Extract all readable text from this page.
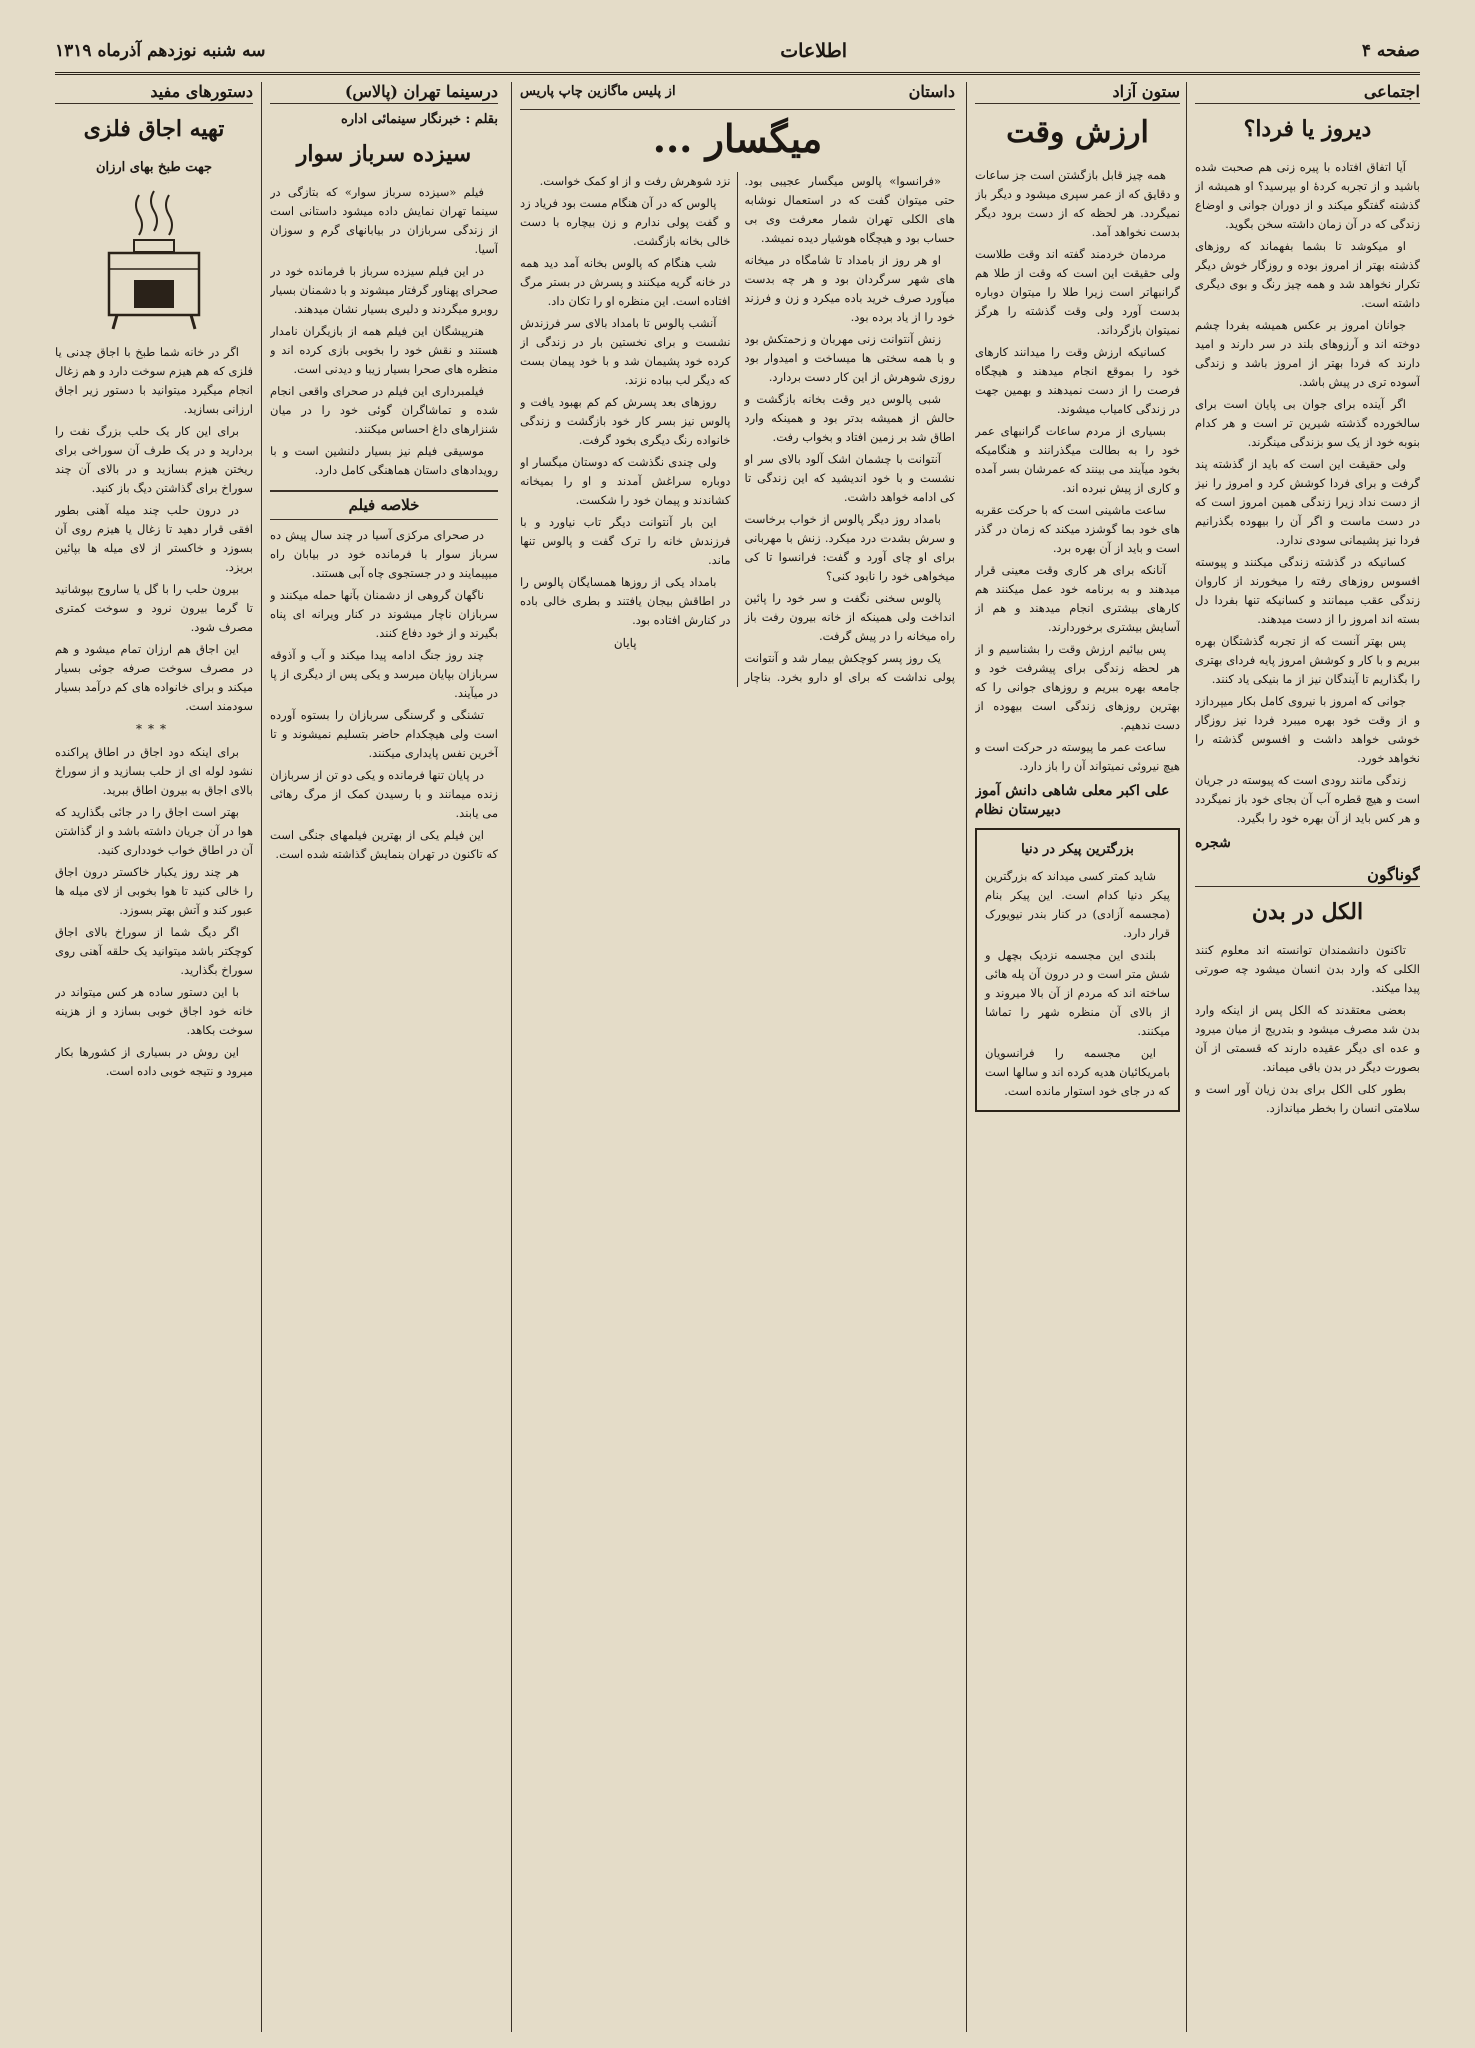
صفحه ۴
اطلاعات
سه شنبه نوزدهم آذرماه ۱۳۱۹
اجتماعی
دیروز یا فردا؟

آیا اتفاق افتاده با پیره زنی هم صحبت شده باشید و از تجربه کردهٔ او بپرسید؟ او همیشه از گذشته گفتگو میکند و از دوران جوانی و اوضاع زندگی که در آن زمان داشته سخن بگوید.

او میکوشد تا بشما بفهماند که روزهای گذشته بهتر از امروز بوده و روزگار خوش دیگر تکرار نخواهد شد و همه چیز رنگ و بوی دیگری داشته است.

جوانان امروز بر عکس همیشه بفردا چشم دوخته اند و آرزوهای بلند در سر دارند و امید دارند که فردا بهتر از امروز باشد و زندگی آسوده تری در پیش باشد.

اگر آینده برای جوان بی پایان است برای سالخورده گذشته شیرین تر است و هر کدام بنوبه خود از یک سو بزندگی مینگرند.

ولی حقیقت این است که باید از گذشته پند گرفت و برای فردا کوشش کرد و امروز را نیز از دست نداد زیرا زندگی همین امروز است که در دست ماست و اگر آن را بیهوده بگذرانیم فردا نیز پشیمانی سودی ندارد.

کسانیکه در گذشته زندگی میکنند و پیوسته افسوس روزهای رفته را میخورند از کاروان زندگی عقب میمانند و کسانیکه تنها بفردا دل بسته اند امروز را از دست میدهند.

پس بهتر آنست که از تجربه گذشتگان بهره ببریم و با کار و کوشش امروز پایه فردای بهتری را بگذاریم تا آیندگان نیز از ما بنیکی یاد کنند.

جوانی که امروز با نیروی کامل بکار میپردازد و از وقت خود بهره میبرد فردا نیز روزگار خوشی خواهد داشت و افسوس گذشته را نخواهد خورد.

زندگی مانند رودی است که پیوسته در جریان است و هیچ قطره آب آن بجای خود باز نمیگردد و هر کس باید از آن بهره خود را بگیرد.

شجره
گوناگون
الکل در بدن

تاکنون دانشمندان توانسته اند معلوم کنند الکلی که وارد بدن انسان میشود چه صورتی پیدا میکند.

بعضی معتقدند که الکل پس از اینکه وارد بدن شد مصرف میشود و بتدریج از میان میرود و عده ای دیگر عقیده دارند که قسمتی از آن بصورت دیگر در بدن باقی میماند.

بطور کلی الکل برای بدن زیان آور است و سلامتی انسان را بخطر میاندازد.

ستون آزاد
ارزش وقت

همه چیز قابل بازگشتن است جز ساعات و دقایق که از عمر سپری میشود و دیگر باز نمیگردد. هر لحظه که از دست برود دیگر بدست نخواهد آمد.

مردمان خردمند گفته اند وقت طلاست ولی حقیقت این است که وقت از طلا هم گرانبهاتر است زیرا طلا را میتوان دوباره بدست آورد ولی وقت گذشته را هرگز نمیتوان بازگرداند.

کسانیکه ارزش وقت را میدانند کارهای خود را بموقع انجام میدهند و هیچگاه فرصت را از دست نمیدهند و بهمین جهت در زندگی کامیاب میشوند.

بسیاری از مردم ساعات گرانبهای عمر خود را به بطالت میگذرانند و هنگامیکه بخود میآیند می بینند که عمرشان بسر آمده و کاری از پیش نبرده اند.

ساعت ماشینی است که با حرکت عقربه های خود بما گوشزد میکند که زمان در گذر است و باید از آن بهره برد.

آنانکه برای هر کاری وقت معینی قرار میدهند و به برنامه خود عمل میکنند هم کارهای بیشتری انجام میدهند و هم از آسایش بیشتری برخوردارند.

پس بیائیم ارزش وقت را بشناسیم و از هر لحظه زندگی برای پیشرفت خود و جامعه بهره ببریم و روزهای جوانی را که بهترین روزهای زندگی است بیهوده از دست ندهیم.

ساعت عمر ما پیوسته در حرکت است و هیچ نیروئی نمیتواند آن را باز دارد.

علی اکبر معلی شاهی دانش آموز دبیرستان نظام
بزرگترین پیکر در دنیا

شاید کمتر کسی میداند که بزرگترین پیکر دنیا کدام است. این پیکر بنام (مجسمه آزادی) در کنار بندر نیویورک قرار دارد.

بلندی این مجسمه نزدیک بچهل و شش متر است و در درون آن پله هائی ساخته اند که مردم از آن بالا میروند و از بالای آن منظره شهر را تماشا میکنند.

این مجسمه را فرانسویان بامریکائیان هدیه کرده اند و سالها است که در جای خود استوار مانده است.

داستان
از پلیس ماگازین چاپ پاریس
میگسار ...

«فرانسوا» پالوس میگسار عجیبی بود. حتی میتوان گفت که در استعمال نوشابه های الکلی تهران شمار معرفت وی بی حساب بود و هیچگاه هوشیار دیده نمیشد.

او هر روز از بامداد تا شامگاه در میخانه های شهر سرگردان بود و هر چه بدست میآورد صرف خرید باده میکرد و زن و فرزند خود را از یاد برده بود.

زنش آنتوانت زنی مهربان و زحمتکش بود و با همه سختی ها میساخت و امیدوار بود روزی شوهرش از این کار دست بردارد.

شبی پالوس دیر وقت بخانه بازگشت و حالش از همیشه بدتر بود و همینکه وارد اطاق شد بر زمین افتاد و بخواب رفت.

آنتوانت با چشمان اشک آلود بالای سر او نشست و با خود اندیشید که این زندگی تا کی ادامه خواهد داشت.

بامداد روز دیگر پالوس از خواب برخاست و سرش بشدت درد میکرد. زنش با مهربانی برای او چای آورد و گفت: فرانسوا تا کی میخواهی خود را نابود کنی؟

پالوس سخنی نگفت و سر خود را پائین انداخت ولی همینکه از خانه بیرون رفت باز راه میخانه را در پیش گرفت.

یک روز پسر کوچکش بیمار شد و آنتوانت پولی نداشت که برای او دارو بخرد. بناچار نزد شوهرش رفت و از او کمک خواست.

پالوس که در آن هنگام مست بود فریاد زد و گفت پولی ندارم و زن بیچاره با دست خالی بخانه بازگشت.

شب هنگام که پالوس بخانه آمد دید همه در خانه گریه میکنند و پسرش در بستر مرگ افتاده است. این منظره او را تکان داد.

آنشب پالوس تا بامداد بالای سر فرزندش نشست و برای نخستین بار در زندگی از کرده خود پشیمان شد و با خود پیمان بست که دیگر لب بباده نزند.

روزهای بعد پسرش کم کم بهبود یافت و پالوس نیز بسر کار خود بازگشت و زندگی خانواده رنگ دیگری بخود گرفت.

ولی چندی نگذشت که دوستان میگسار او دوباره سراغش آمدند و او را بمیخانه کشاندند و پیمان خود را شکست.

این بار آنتوانت دیگر تاب نیاورد و با فرزندش خانه را ترک گفت و پالوس تنها ماند.

بامداد یکی از روزها همسایگان پالوس را در اطاقش بیجان یافتند و بطری خالی باده در کنارش افتاده بود.

پایان
درسینما تهران (پالاس)
بقلم : خبرنگار سینمائی اداره
سیزده سرباز سوار

فیلم «سیزده سرباز سوار» که بتازگی در سینما تهران نمایش داده میشود داستانی است از زندگی سربازان در بیابانهای گرم و سوزان آسیا.

در این فیلم سیزده سرباز با فرمانده خود در صحرای پهناور گرفتار میشوند و با دشمنان بسیار روبرو میگردند و دلیری بسیار نشان میدهند.

هنرپیشگان این فیلم همه از بازیگران نامدار هستند و نقش خود را بخوبی بازی کرده اند و منظره های صحرا بسیار زیبا و دیدنی است.

فیلمبرداری این فیلم در صحرای واقعی انجام شده و تماشاگران گوئی خود را در میان شنزارهای داغ احساس میکنند.

موسیقی فیلم نیز بسیار دلنشین است و با رویدادهای داستان هماهنگی کامل دارد.

خلاصه فیلم

در صحرای مرکزی آسیا در چند سال پیش ده سرباز سوار با فرمانده خود در بیابان راه میپیمایند و در جستجوی چاه آبی هستند.

ناگهان گروهی از دشمنان بآنها حمله میکنند و سربازان ناچار میشوند در کنار ویرانه ای پناه بگیرند و از خود دفاع کنند.

چند روز جنگ ادامه پیدا میکند و آب و آذوقه سربازان بپایان میرسد و یکی پس از دیگری از پا در میآیند.

تشنگی و گرسنگی سربازان را بستوه آورده است ولی هیچکدام حاضر بتسلیم نمیشوند و تا آخرین نفس پایداری میکنند.

در پایان تنها فرمانده و یکی دو تن از سربازان زنده میمانند و با رسیدن کمک از مرگ رهائی می یابند.

این فیلم یکی از بهترین فیلمهای جنگی است که تاکنون در تهران بنمایش گذاشته شده است.

دستورهای مفید
تهیه اجاق فلزی
جهت طبخ بهای ارزان

اگر در خانه شما طبخ با اجاق چدنی یا فلزی که هم هیزم سوخت دارد و هم زغال انجام میگیرد میتوانید با دستور زیر اجاق ارزانی بسازید.

برای این کار یک حلب بزرگ نفت را بردارید و در یک طرف آن سوراخی برای ریختن هیزم بسازید و در بالای آن چند سوراخ برای گذاشتن دیگ باز کنید.

در درون حلب چند میله آهنی بطور افقی قرار دهید تا زغال یا هیزم روی آن بسوزد و خاکستر از لای میله ها بپائین بریزد.

بیرون حلب را با گل یا ساروج بپوشانید تا گرما بیرون نرود و سوخت کمتری مصرف شود.

این اجاق هم ارزان تمام میشود و هم در مصرف سوخت صرفه جوئی بسیار میکند و برای خانواده های کم درآمد بسیار سودمند است.

***

برای اینکه دود اجاق در اطاق پراکنده نشود لوله ای از حلب بسازید و از سوراخ بالای اجاق به بیرون اطاق ببرید.

بهتر است اجاق را در جائی بگذارید که هوا در آن جریان داشته باشد و از گذاشتن آن در اطاق خواب خودداری کنید.

هر چند روز یکبار خاکستر درون اجاق را خالی کنید تا هوا بخوبی از لای میله ها عبور کند و آتش بهتر بسوزد.

اگر دیگ شما از سوراخ بالای اجاق کوچکتر باشد میتوانید یک حلقه آهنی روی سوراخ بگذارید.

با این دستور ساده هر کس میتواند در خانه خود اجاق خوبی بسازد و از هزینه سوخت بکاهد.

این روش در بسیاری از کشورها بکار میرود و نتیجه خوبی داده است.
